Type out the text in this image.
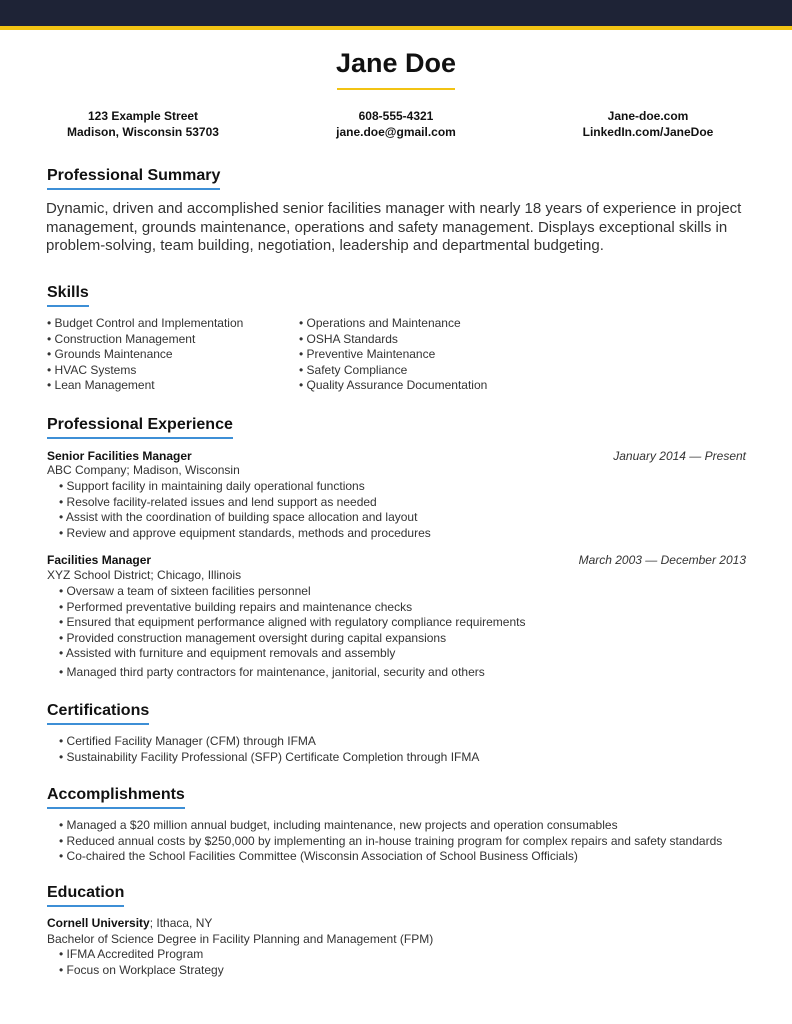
Jane Doe
123 Example Street
Madison, Wisconsin 53703
608-555-4321
jane.doe@gmail.com
Jane-doe.com
LinkedIn.com/JaneDoe
Professional Summary
Dynamic, driven and accomplished senior facilities manager with nearly 18 years of experience in project management, grounds maintenance, operations and safety management. Displays exceptional skills in problem-solving, team building, negotiation, leadership and departmental budgeting.
Skills
• Budget Control and Implementation
• Construction Management
• Grounds Maintenance
• HVAC Systems
• Lean Management
• Operations and Maintenance
• OSHA Standards
• Preventive Maintenance
• Safety Compliance
• Quality Assurance Documentation
Professional Experience
Senior Facilities Manager	January 2014 — Present
ABC Company; Madison, Wisconsin
• Support facility in maintaining daily operational functions
• Resolve facility-related issues and lend support as needed
• Assist with the coordination of building space allocation and layout
• Review and approve equipment standards, methods and procedures
Facilities Manager	March 2003 — December 2013
XYZ School District; Chicago, Illinois
• Oversaw a team of sixteen facilities personnel
• Performed preventative building repairs and maintenance checks
• Ensured that equipment performance aligned with regulatory compliance requirements
• Provided construction management oversight during capital expansions
• Assisted with furniture and equipment removals and assembly
• Managed third party contractors for maintenance, janitorial, security and others
Certifications
• Certified Facility Manager (CFM) through IFMA
• Sustainability Facility Professional (SFP) Certificate Completion through IFMA
Accomplishments
• Managed a $20 million annual budget, including maintenance, new projects and operation consumables
• Reduced annual costs by $250,000 by implementing an in-house training program for complex repairs and safety standards
• Co-chaired the School Facilities Committee (Wisconsin Association of School Business Officials)
Education
Cornell University; Ithaca, NY
Bachelor of Science Degree in Facility Planning and Management (FPM)
• IFMA Accredited Program
• Focus on Workplace Strategy
